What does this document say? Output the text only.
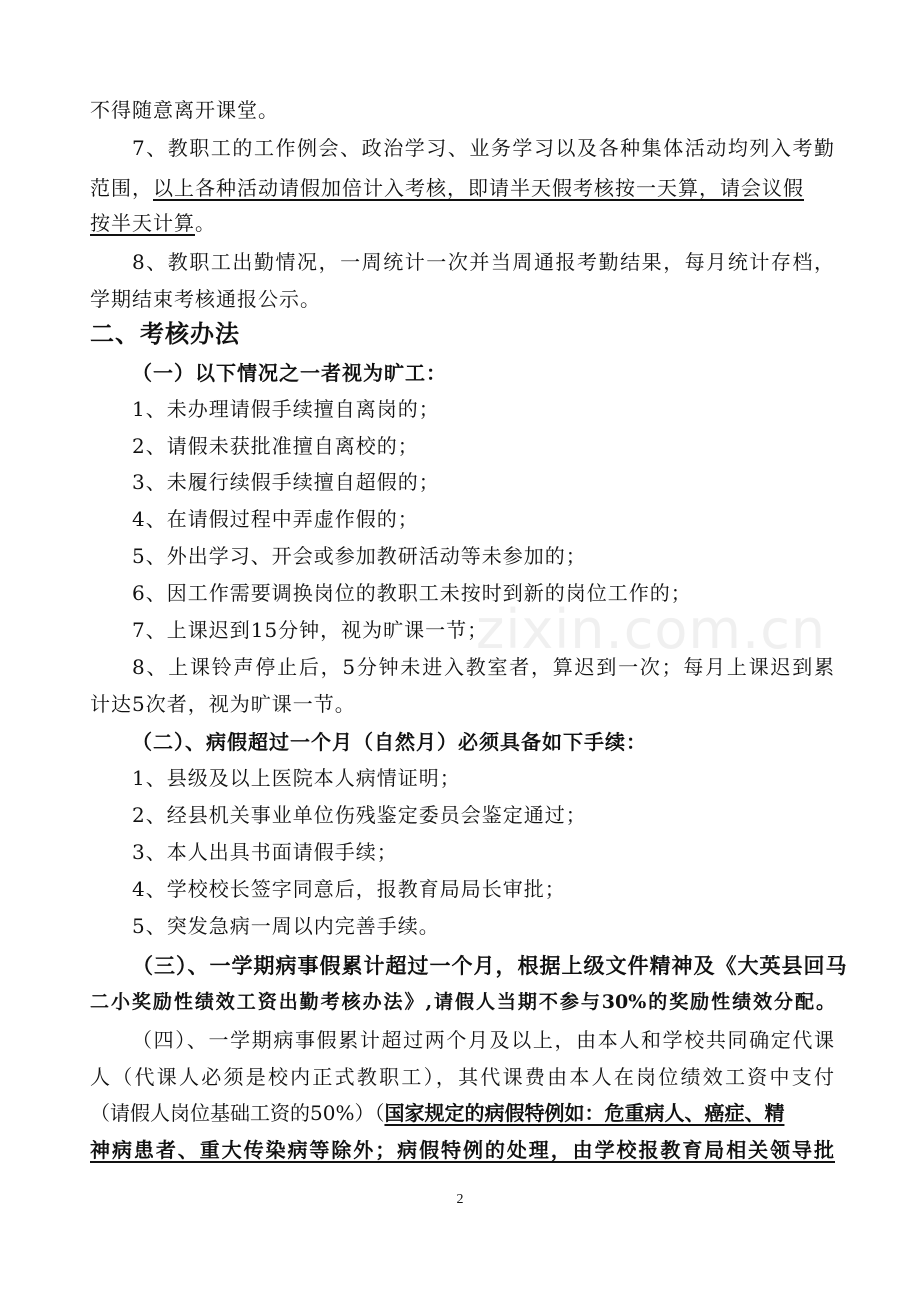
不得随意离开课堂。
7、教职工的工作例会、政治学习、业务学习以及各种集体活动均列入考勤
范围，以上各种活动请假加倍计入考核，即请半天假考核按一天算，请会议假
按半天计算。
8、教职工出勤情况，一周统计一次并当周通报考勤结果，每月统计存档，
学期结束考核通报公示。
二、考核办法
（一）以下情况之一者视为旷工：
1、未办理请假手续擅自离岗的；
2、请假未获批准擅自离校的；
3、未履行续假手续擅自超假的；
4、在请假过程中弄虚作假的；
5、外出学习、开会或参加教研活动等未参加的；
6、因工作需要调换岗位的教职工未按时到新的岗位工作的；
7、上课迟到15分钟，视为旷课一节；
8、上课铃声停止后，5分钟未进入教室者，算迟到一次；每月上课迟到累
计达5次者，视为旷课一节。
（二）、病假超过一个月（自然月）必须具备如下手续：
1、县级及以上医院本人病情证明；
2、经县机关事业单位伤残鉴定委员会鉴定通过；
3、本人出具书面请假手续；
4、学校校长签字同意后，报教育局局长审批；
5、突发急病一周以内完善手续。
（三）、一学期病事假累计超过一个月，根据上级文件精神及《大英县回马
二小奖励性绩效工资出勤考核办法》,请假人当期不参与30%的奖励性绩效分配。
（四）、一学期病事假累计超过两个月及以上，由本人和学校共同确定代课
人（代课人必须是校内正式教职工），其代课费由本人在岗位绩效工资中支付
（请假人岗位基础工资的50%）（国家规定的病假特例如：危重病人、癌症、精
神病患者、重大传染病等除外；病假特例的处理，由学校报教育局相关领导批
zixin.com.cn
2
